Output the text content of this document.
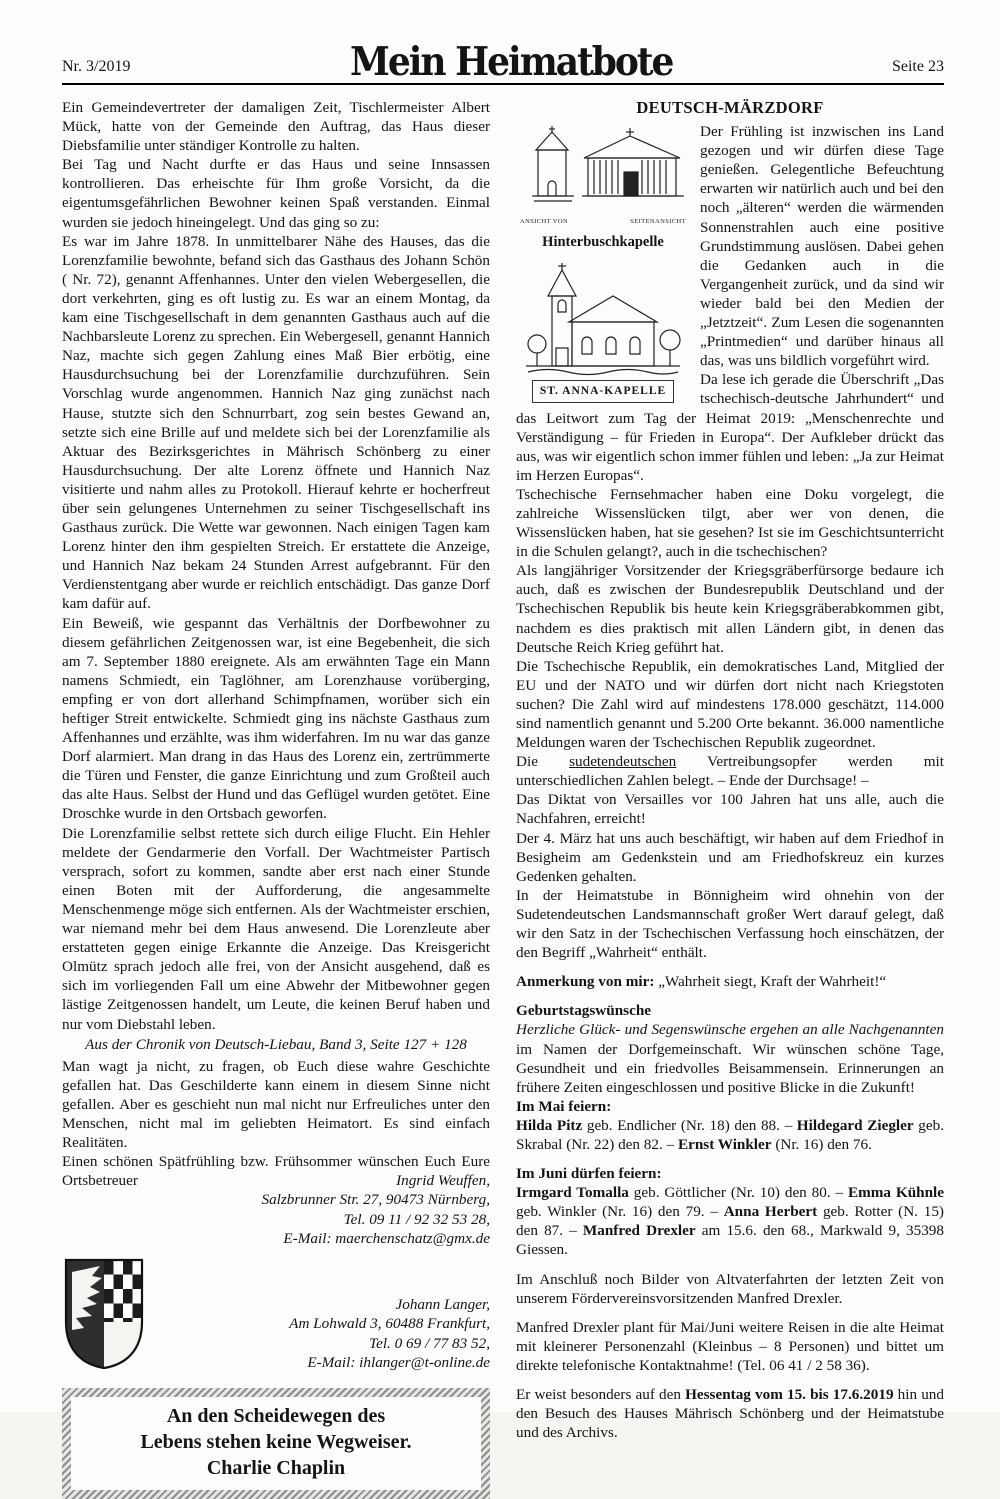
Nr. 3/2019	Mein Heimatbote	Seite 23

Ein Gemeindevertreter der damaligen Zeit, Tischlermeister Albert Mück, hatte von der Gemeinde den Auftrag, das Haus dieser Diebsfamilie unter ständiger Kontrolle zu halten.

Bei Tag und Nacht durfte er das Haus und seine Innsassen kontrollieren. Das erheischte für Ihm große Vorsicht, da die eigentumsgefährlichen Bewohner keinen Spaß verstanden. Einmal wurden sie jedoch hineingelegt. Und das ging so zu:

Es war im Jahre 1878. In unmittelbarer Nähe des Hauses, das die Lorenzfamilie bewohnte, befand sich das Gasthaus des Johann Schön ( Nr. 72), genannt Affenhannes. Unter den vielen Webergesellen, die dort verkehrten, ging es oft lustig zu. Es war an einem Montag, da kam eine Tischgesellschaft in dem genannten Gasthaus auch auf die Nachbarsleute Lorenz zu sprechen. Ein Webergesell, genannt Hannich Naz, machte sich gegen Zahlung eines Maß Bier erbötig, eine Hausdurchsuchung bei der Lorenzfamilie durchzuführen. Sein Vorschlag wurde angenommen. Hannich Naz ging zunächst nach Hause, stutzte sich den Schnurrbart, zog sein bestes Gewand an, setzte sich eine Brille auf und meldete sich bei der Lorenzfamilie als Aktuar des Bezirksgerichtes in Mährisch Schönberg zu einer Hausdurchsuchung. Der alte Lorenz öffnete und Hannich Naz visitierte und nahm alles zu Protokoll. Hierauf kehrte er hocherfreut über sein gelungenes Unternehmen zu seiner Tischgesellschaft ins Gasthaus zurück. Die Wette war gewonnen. Nach einigen Tagen kam Lorenz hinter den ihm gespielten Streich. Er erstattete die Anzeige, und Hannich Naz bekam 24 Stunden Arrest aufgebrannt. Für den Verdienstentgang aber wurde er reichlich entschädigt. Das ganze Dorf kam dafür auf.

Ein Beweiß, wie gespannt das Verhältnis der Dorfbewohner zu diesem gefährlichen Zeitgenossen war, ist eine Begebenheit, die sich am 7. September 1880 ereignete. Als am erwähnten Tage ein Mann namens Schmiedt, ein Taglöhner, am Lorenzhause vorüberging, empfing er von dort allerhand Schimpfnamen, worüber sich ein heftiger Streit entwickelte. Schmiedt ging ins nächste Gasthaus zum Affenhannes und erzählte, was ihm widerfahren. Im nu war das ganze Dorf alarmiert. Man drang in das Haus des Lorenz ein, zertrümmerte die Türen und Fenster, die ganze Einrichtung und zum Großteil auch das alte Haus. Selbst der Hund und das Geflügel wurden getötet. Eine Droschke wurde in den Ortsbach geworfen.

Die Lorenzfamilie selbst rettete sich durch eilige Flucht. Ein Hehler meldete der Gendarmerie den Vorfall. Der Wachtmeister Partisch versprach, sofort zu kommen, sandte aber erst nach einer Stunde einen Boten mit der Aufforderung, die angesammelte Menschenmenge möge sich entfernen. Als der Wachtmeister erschien, war niemand mehr bei dem Haus anwesend. Die Lorenzleute aber erstatteten gegen einige Erkannte die Anzeige. Das Kreisgericht Olmütz sprach jedoch alle frei, von der Ansicht ausgehend, daß es sich im vorliegenden Fall um eine Abwehr der Mitbewohner gegen lästige Zeitgenossen handelt, um Leute, die keinen Beruf haben und nur vom Diebstahl leben.

Aus der Chronik von Deutsch-Liebau, Band 3, Seite 127 + 128

Man wagt ja nicht, zu fragen, ob Euch diese wahre Geschichte gefallen hat. Das Geschilderte kann einem in diesem Sinne nicht gefallen. Aber es geschieht nun mal nicht nur Erfreuliches unter den Menschen, nicht mal im geliebten Heimatort. Es sind einfach Realitäten.

Einen schönen Spätfrühling bzw. Frühsommer wünschen Euch Eure Ortsbetreuer	Ingrid Weuffen,
Salzbrunner Str. 27, 90473 Nürnberg,
Tel. 09 11 / 92 32 53 28,
E-Mail: maerchenschatz@gmx.de
Johann Langer,
Am Lohwald 3, 60488 Frankfurt,
Tel. 0 69 / 77 83 52,
E-Mail: ihlanger@t-online.de
An den Scheidewegen des
Lebens stehen keine Wegweiser.
Charlie Chaplin
DEUTSCH-MÄRZDORF
ANSICHT VON	SEITENANSICHT
Hinterbuschkapelle
ST. ANNA-KAPELLE

Der Frühling ist inzwischen ins Land gezogen und wir dürfen diese Tage genießen. Gelegentliche Befeuchtung erwarten wir natürlich auch und bei den noch „älteren“ werden die wärmenden Sonnenstrahlen auch eine positive Grundstimmung auslösen. Dabei gehen die Gedanken auch in die Vergangenheit zurück, und da sind wir wieder bald bei den Medien der „Jetztzeit“. Zum Lesen die sogenannten „Printmedien“ und darüber hinaus all das, was uns bildlich vorgeführt wird.

Da lese ich gerade die Überschrift „Das tschechisch-deutsche Jahrhundert“ und das Leitwort zum Tag der Heimat 2019: „Menschenrechte und Verständigung – für Frieden in Europa“. Der Aufkleber drückt das aus, was wir eigentlich schon immer fühlen und leben: „Ja zur Heimat im Herzen Europas“.

Tschechische Fernsehmacher haben eine Doku vorgelegt, die zahlreiche Wissenslücken tilgt, aber wer von denen, die Wissenslücken haben, hat sie gesehen? Ist sie im Geschichtsunterricht in die Schulen gelangt?, auch in die tschechischen?

Als langjähriger Vorsitzender der Kriegsgräberfürsorge bedaure ich auch, daß es zwischen der Bundesrepublik Deutschland und der Tschechischen Republik bis heute kein Kriegsgräberabkommen gibt, nachdem es dies praktisch mit allen Ländern gibt, in denen das Deutsche Reich Krieg geführt hat.

Die Tschechische Republik, ein demokratisches Land, Mitglied der EU und der NATO und wir dürfen dort nicht nach Kriegstoten suchen? Die Zahl wird auf mindestens 178.000 geschätzt, 114.000 sind namentlich genannt und 5.200 Orte bekannt. 36.000 namentliche Meldungen waren der Tschechischen Republik zugeordnet.

Die sudetendeutschen Vertreibungsopfer werden mit unterschiedlichen Zahlen belegt. – Ende der Durchsage! –

Das Diktat von Versailles vor 100 Jahren hat uns alle, auch die Nachfahren, erreicht!

Der 4. März hat uns auch beschäftigt, wir haben auf dem Friedhof in Besigheim am Gedenkstein und am Friedhofskreuz ein kurzes Gedenken gehalten.

In der Heimatstube in Bönnigheim wird ohnehin von der Sudetendeutschen Landsmannschaft großer Wert darauf gelegt, daß wir den Satz in der Tschechischen Verfassung hoch einschätzen, der den Begriff „Wahrheit“ enthält.

Anmerkung von mir: „Wahrheit siegt, Kraft der Wahrheit!“

Geburtstagswünsche

Herzliche Glück- und Segenswünsche ergehen an alle Nachgenannten im Namen der Dorfgemeinschaft. Wir wünschen schöne Tage, Gesundheit und ein friedvolles Beisammensein. Erinnerungen an frühere Zeiten eingeschlossen und positive Blicke in die Zukunft!

Im Mai feiern:

Hilda Pitz geb. Endlicher (Nr. 18) den 88. – Hildegard Ziegler geb. Skrabal (Nr. 22) den 82. – Ernst Winkler (Nr. 16) den 76.

Im Juni dürfen feiern:

Irmgard Tomalla geb. Göttlicher (Nr. 10) den 80. – Emma Kühnle geb. Winkler (Nr. 16) den 79. – Anna Herbert geb. Rotter (N. 15) den 87. – Manfred Drexler am 15.6. den 68., Markwald 9, 35398 Giessen.

Im Anschluß noch Bilder von Altvaterfahrten der letzten Zeit von unserem Fördervereinsvorsitzenden Manfred Drexler.

Manfred Drexler plant für Mai/Juni weitere Reisen in die alte Heimat mit kleinerer Personenzahl (Kleinbus – 8 Personen) und bittet um direkte telefonische Kontaktnahme! (Tel. 06 41 / 2 58 36).

Er weist besonders auf den Hessentag vom 15. bis 17.6.2019 hin und den Besuch des Hauses Mährisch Schönberg und der Heimatstube und des Archivs.
